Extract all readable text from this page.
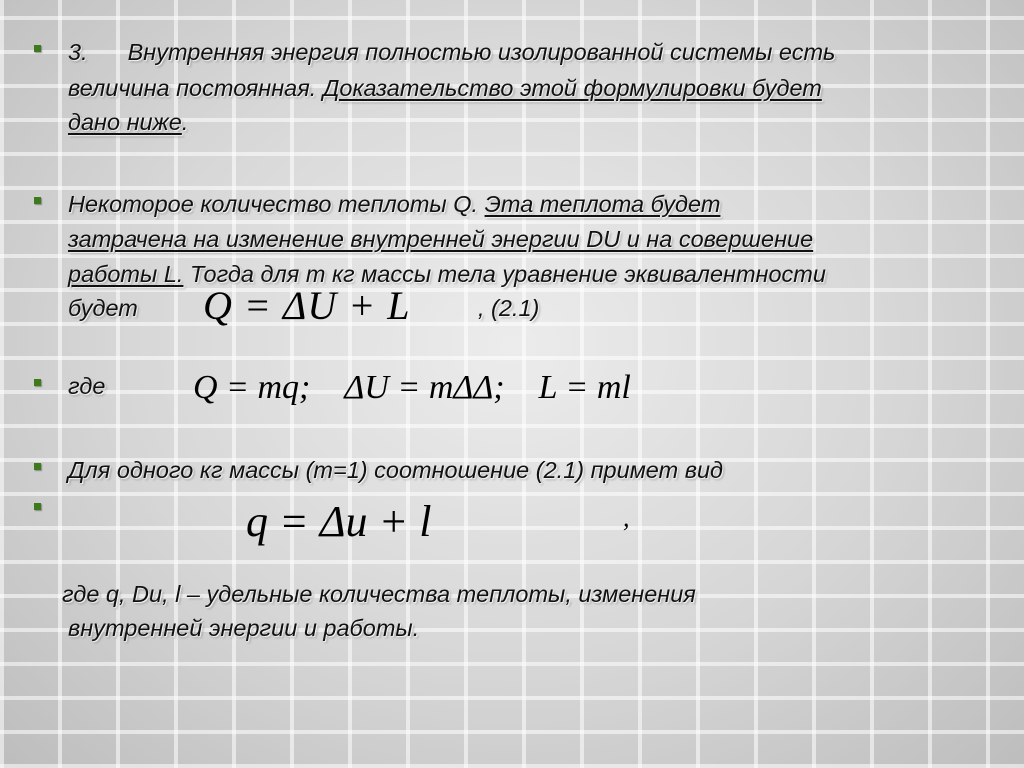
3. Внутренняя энергия полностью изолированной системы есть
величина постоянная. Доказательство этой формулировки будет
дано ниже.
Некоторое количество теплоты Q. Эта теплота будет
затрачена на изменение внутренней энергии DU и на совершение
работы L. Тогда для m кг массы тела уравнение эквивалентности
будет Q = ΔU + L	, (2.1)
где	Q = mq;    ΔU = mΔΔ;    L = ml
Для одного кг массы (m=1) соотношение (2.1) примет вид
q = Δu + l	,
где q, Du, l – удельные количества теплоты, изменения
внутренней энергии и работы.
